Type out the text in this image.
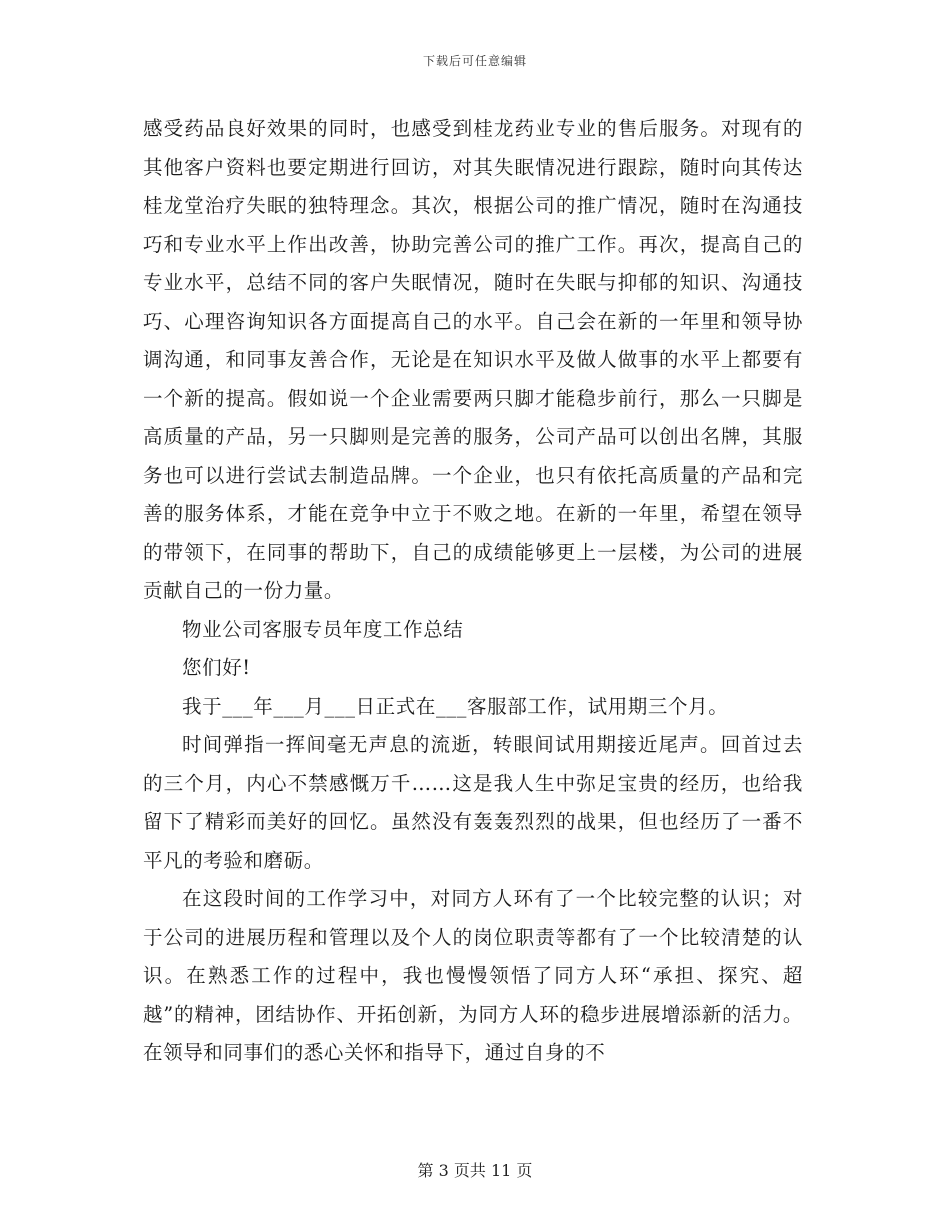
下载后可任意编辑

感受药品良好效果的同时，也感受到桂龙药业专业的售后服务。对现有的其他客户资料也要定期进行回访，对其失眠情况进行跟踪，随时向其传达桂龙堂治疗失眠的独特理念。其次，根据公司的推广情况，随时在沟通技巧和专业水平上作出改善，协助完善公司的推广工作。再次，提高自己的专业水平，总结不同的客户失眠情况，随时在失眠与抑郁的知识、沟通技巧、心理咨询知识各方面提高自己的水平。自己会在新的一年里和领导协调沟通，和同事友善合作，无论是在知识水平及做人做事的水平上都要有一个新的提高。假如说一个企业需要两只脚才能稳步前行，那么一只脚是高质量的产品，另一只脚则是完善的服务，公司产品可以创出名牌，其服务也可以进行尝试去制造品牌。一个企业，也只有依托高质量的产品和完善的服务体系，才能在竞争中立于不败之地。在新的一年里，希望在领导的带领下，在同事的帮助下，自己的成绩能够更上一层楼，为公司的进展贡献自己的一份力量。

物业公司客服专员年度工作总结

您们好!

我于___年___月___日正式在___客服部工作，试用期三个月。

时间弹指一挥间毫无声息的流逝，转眼间试用期接近尾声。回首过去的三个月，内心不禁感慨万千……这是我人生中弥足宝贵的经历，也给我留下了精彩而美好的回忆。虽然没有轰轰烈烈的战果，但也经历了一番不平凡的考验和磨砺。

在这段时间的工作学习中，对同方人环有了一个比较完整的认识；对于公司的进展历程和管理以及个人的岗位职责等都有了一个比较清楚的认识。在熟悉工作的过程中，我也慢慢领悟了同方人环“承担、探究、超越”的精神，团结协作、开拓创新，为同方人环的稳步进展增添新的活力。在领导和同事们的悉心关怀和指导下，通过自身的不

第 3 页共 11 页
